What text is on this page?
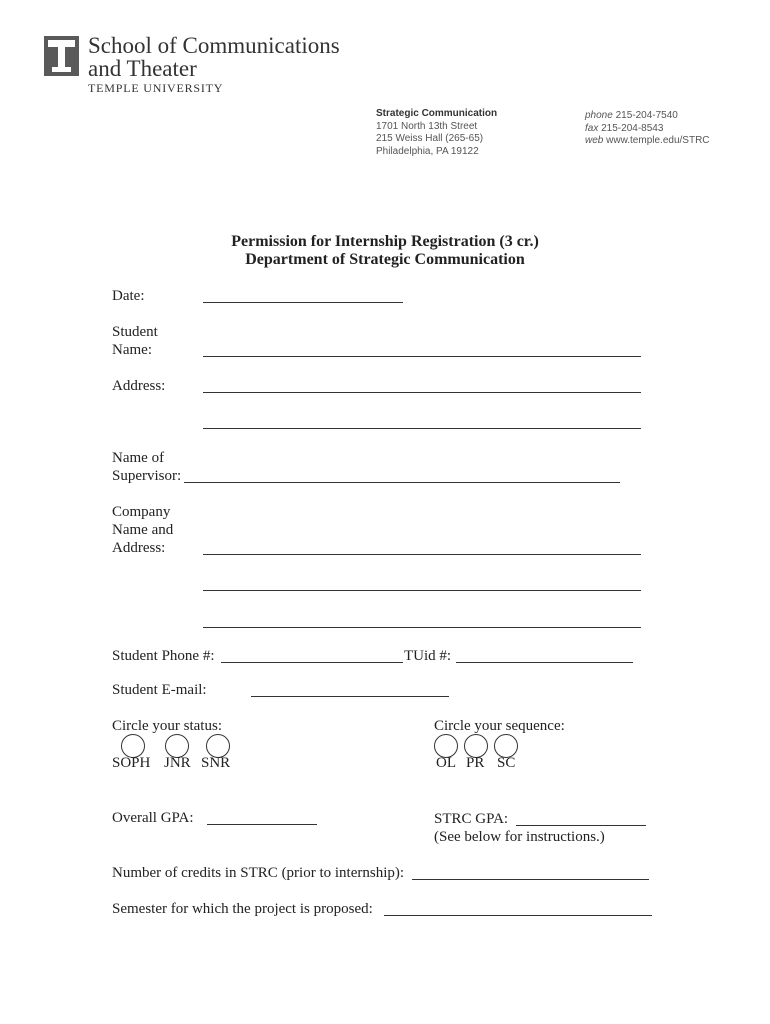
School of Communications
and Theater
TEMPLE UNIVERSITY
Strategic Communication
1701 North 13th Street
215 Weiss Hall (265-65)
Philadelphia, PA 19122
phone 215-204-7540
fax 215-204-8543
web www.temple.edu/STRC
Permission for Internship Registration (3 cr.)
Department of Strategic Communication
Date:
Student
Name:
Address:
Name of
Supervisor:
Company
Name and
Address:
Student Phone #:	TUid #:
Student E-mail:
Circle your status:
SOPH JNR SNR
Circle your sequence:
OL PR SC
Overall GPA:	STRC GPA:
(See below for instructions.)
Number of credits in STRC (prior to internship):
Semester for which the project is proposed:
